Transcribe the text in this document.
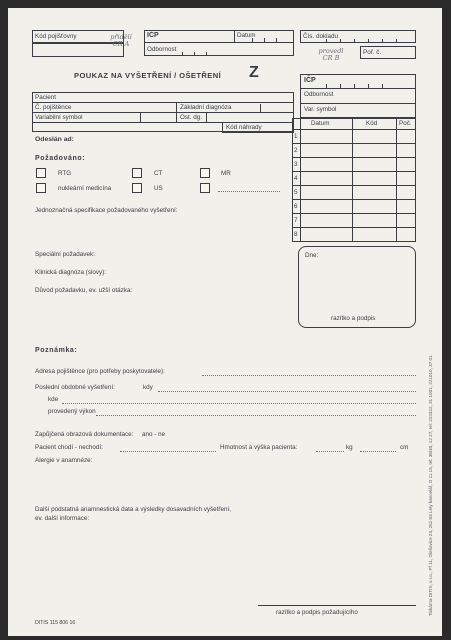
Kód pojišťovny	přidělí
CR A
IČP	Datum
Odbornost
Čís. dokladu
provedl
CR B
Poř. č.
POUKAZ NA VYŠETŘENÍ / OŠETŘENÍ Z
Pacient
Č. pojištěnce	Základní diagnóza
Variabilní symbol	Ost. dg.
Kód náhrady
Odeslán ad:
IČP
Odbornost
Var. symbol
Datum	Kód	Poč.
1
2
3
4
5
6
7
8
Dne:
razítko a podpis
Požadováno:
RTG	CT	MR
nukleární medicína	US
Jednoznačná specifikace požadovaného vyšetření:
Speciální požadavek:
Klinická diagnóza (slovy):
Důvod požadavku, ev. užší otázka:
Poznámka:
Adresa pojištěnce (pro potřeby poskytovatele):
Poslední obdobné vyšetření:	kdy
kde
provedený výkon
Zapůjčená obrazová dokumentace: ano - ne
Pacient chodí - nechodí:	Hmotnost a výška pacienta:	kg	cm
Alergie v anamnéze:
Další podstatná anamnestická data a výsledky dosavadních vyšetření,
ev. další informace:
razítko a podpis požadujícího
DITIS 115 806 16
Tiskárna DITIS, s.r.o., Pf 11, Olešovice 24, 252 63 Lety kancelář, O 11 15, tel: 38/40, 12 27, tel: 222322, 31 1001, 221010, 37 01
